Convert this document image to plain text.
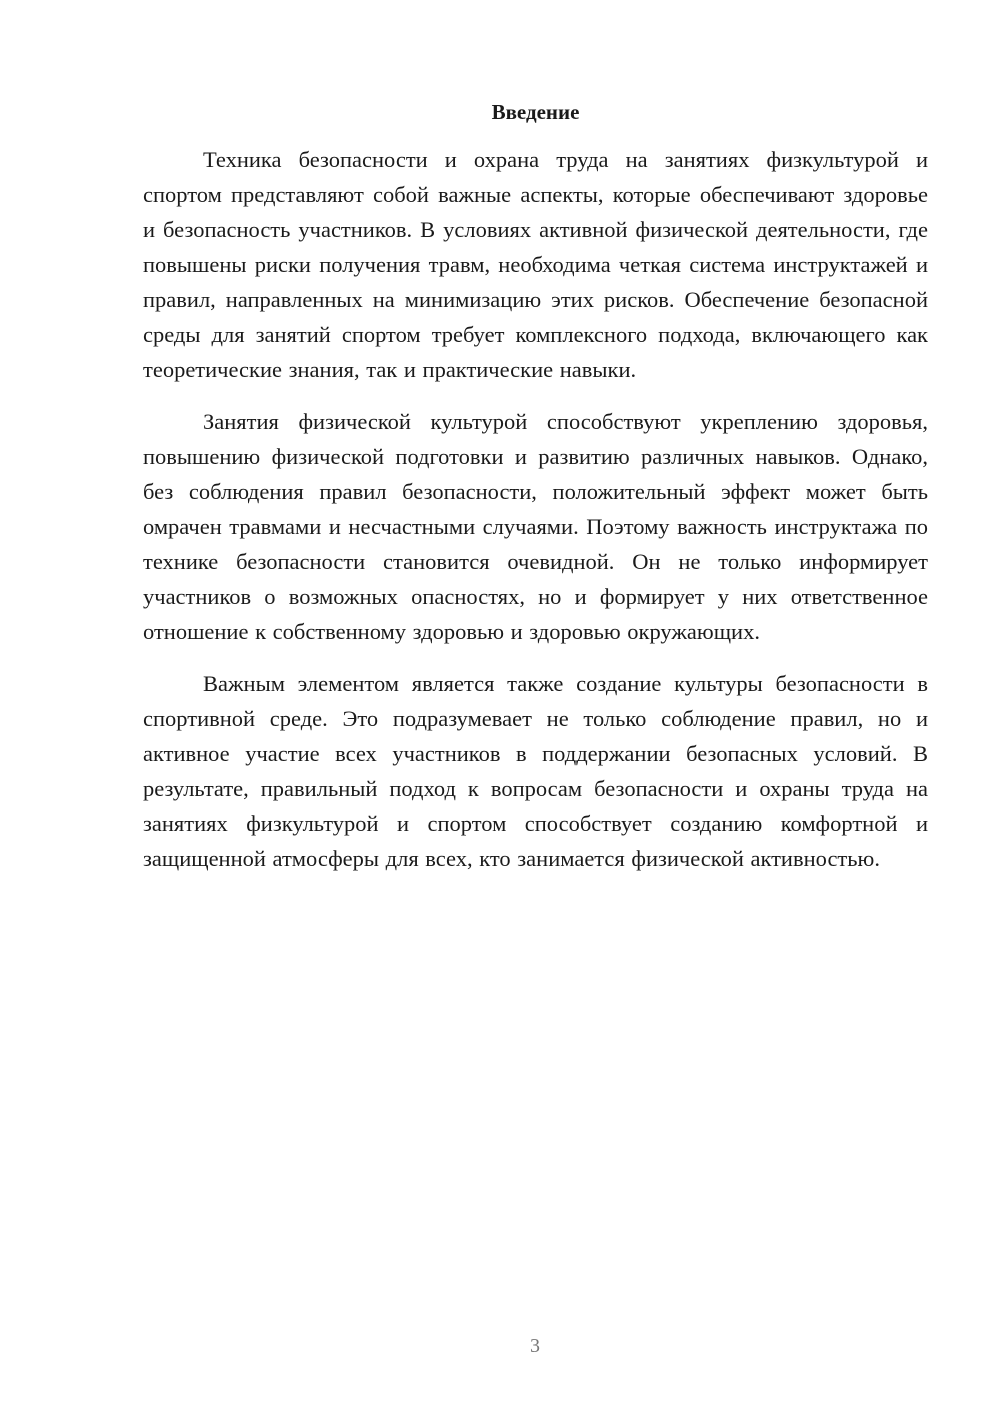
Введение

Техника безопасности и охрана труда на занятиях физкультурой и спортом представляют собой важные аспекты, которые обеспечивают здоровье и безопасность участников. В условиях активной физической деятельности, где повышены риски получения травм, необходима четкая система инструктажей и правил, направленных на минимизацию этих рисков. Обеспечение безопасной среды для занятий спортом требует комплексного подхода, включающего как теоретические знания, так и практические навыки.

Занятия физической культурой способствуют укреплению здоровья, повышению физической подготовки и развитию различных навыков. Однако, без соблюдения правил безопасности, положительный эффект может быть омрачен травмами и несчастными случаями. Поэтому важность инструктажа по технике безопасности становится очевидной. Он не только информирует участников о возможных опасностях, но и формирует у них ответственное отношение к собственному здоровью и здоровью окружающих.

Важным элементом является также создание культуры безопасности в спортивной среде. Это подразумевает не только соблюдение правил, но и активное участие всех участников в поддержании безопасных условий. В результате, правильный подход к вопросам безопасности и охраны труда на занятиях физкультурой и спортом способствует созданию комфортной и защищенной атмосферы для всех, кто занимается физической активностью.

3
